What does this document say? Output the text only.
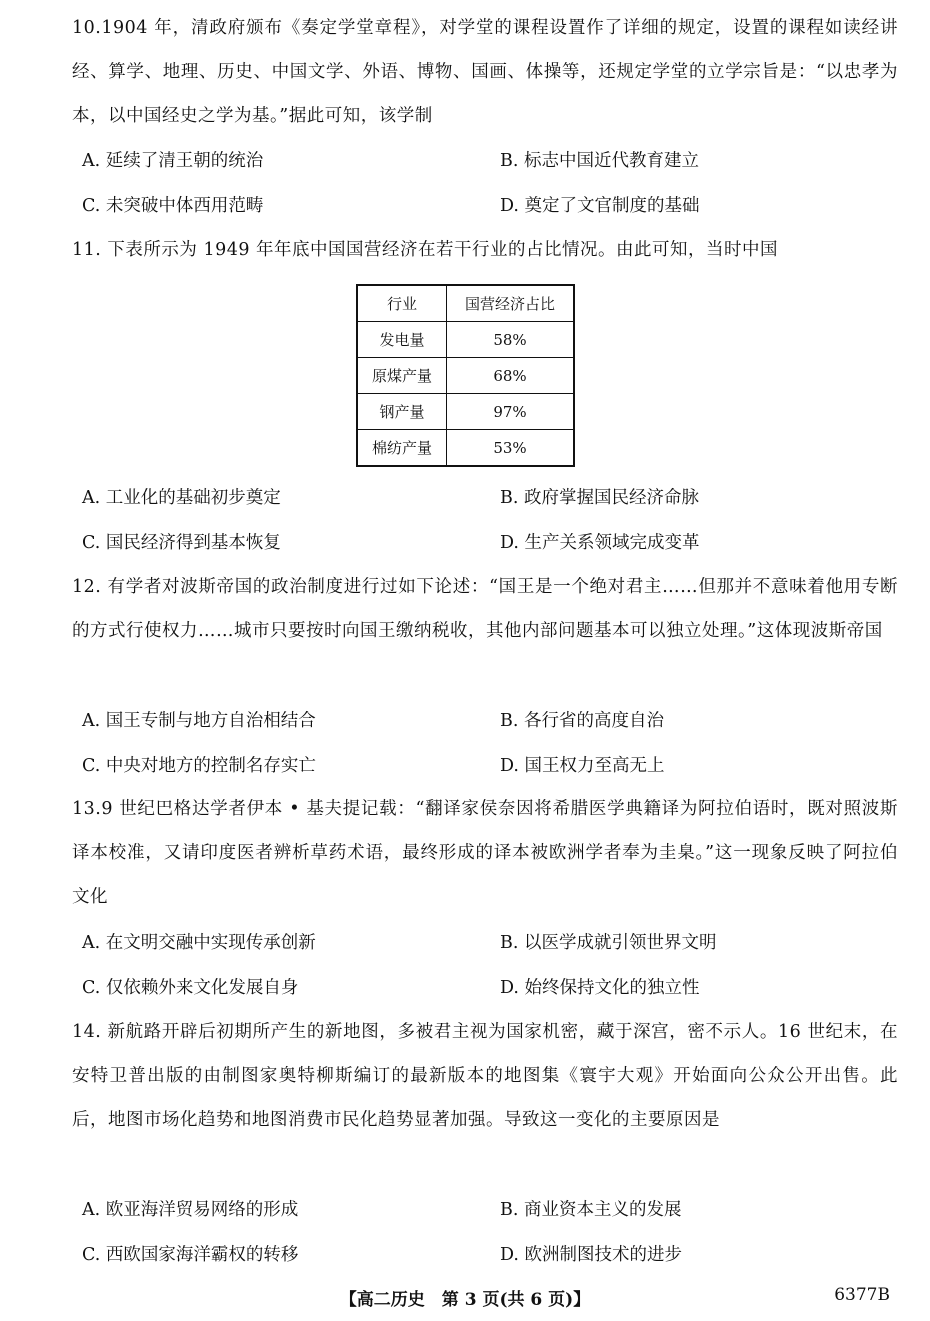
10.1904 年，清政府颁布《奏定学堂章程》，对学堂的课程设置作了详细的规定，设置的课程如读经讲经、算学、地理、历史、中国文学、外语、博物、国画、体操等，还规定学堂的立学宗旨是：“以忠孝为本，以中国经史之学为基。”据此可知，该学制
A. 延续了清王朝的统治	B. 标志中国近代教育建立
C. 未突破中体西用范畴	D. 奠定了文官制度的基础
11. 下表所示为 1949 年年底中国国营经济在若干行业的占比情况。由此可知，当时中国
行业	国营经济占比
发电量	58%
原煤产量	68%
钢产量	97%
棉纺产量	53%
A. 工业化的基础初步奠定	B. 政府掌握国民经济命脉
C. 国民经济得到基本恢复	D. 生产关系领域完成变革
12. 有学者对波斯帝国的政治制度进行过如下论述：“国王是一个绝对君主……但那并不意味着他用专断的方式行使权力……城市只要按时向国王缴纳税收，其他内部问题基本可以独立处理。”这体现波斯帝国
A. 国王专制与地方自治相结合	B. 各行省的高度自治
C. 中央对地方的控制名存实亡	D. 国王权力至高无上
13.9 世纪巴格达学者伊本 • 基夫提记载：“翻译家侯奈因将希腊医学典籍译为阿拉伯语时，既对照波斯译本校准，又请印度医者辨析草药术语，最终形成的译本被欧洲学者奉为圭臬。”这一现象反映了阿拉伯文化
A. 在文明交融中实现传承创新	B. 以医学成就引领世界文明
C. 仅依赖外来文化发展自身	D. 始终保持文化的独立性
14. 新航路开辟后初期所产生的新地图，多被君主视为国家机密，藏于深宫，密不示人。16 世纪末，在安特卫普出版的由制图家奥特柳斯编订的最新版本的地图集《寰宇大观》开始面向公众公开出售。此后，地图市场化趋势和地图消费市民化趋势显著加强。导致这一变化的主要原因是
A. 欧亚海洋贸易网络的形成	B. 商业资本主义的发展
C. 西欧国家海洋霸权的转移	D. 欧洲制图技术的进步
【高二历史　第 3 页(共 6 页)】	6377B
